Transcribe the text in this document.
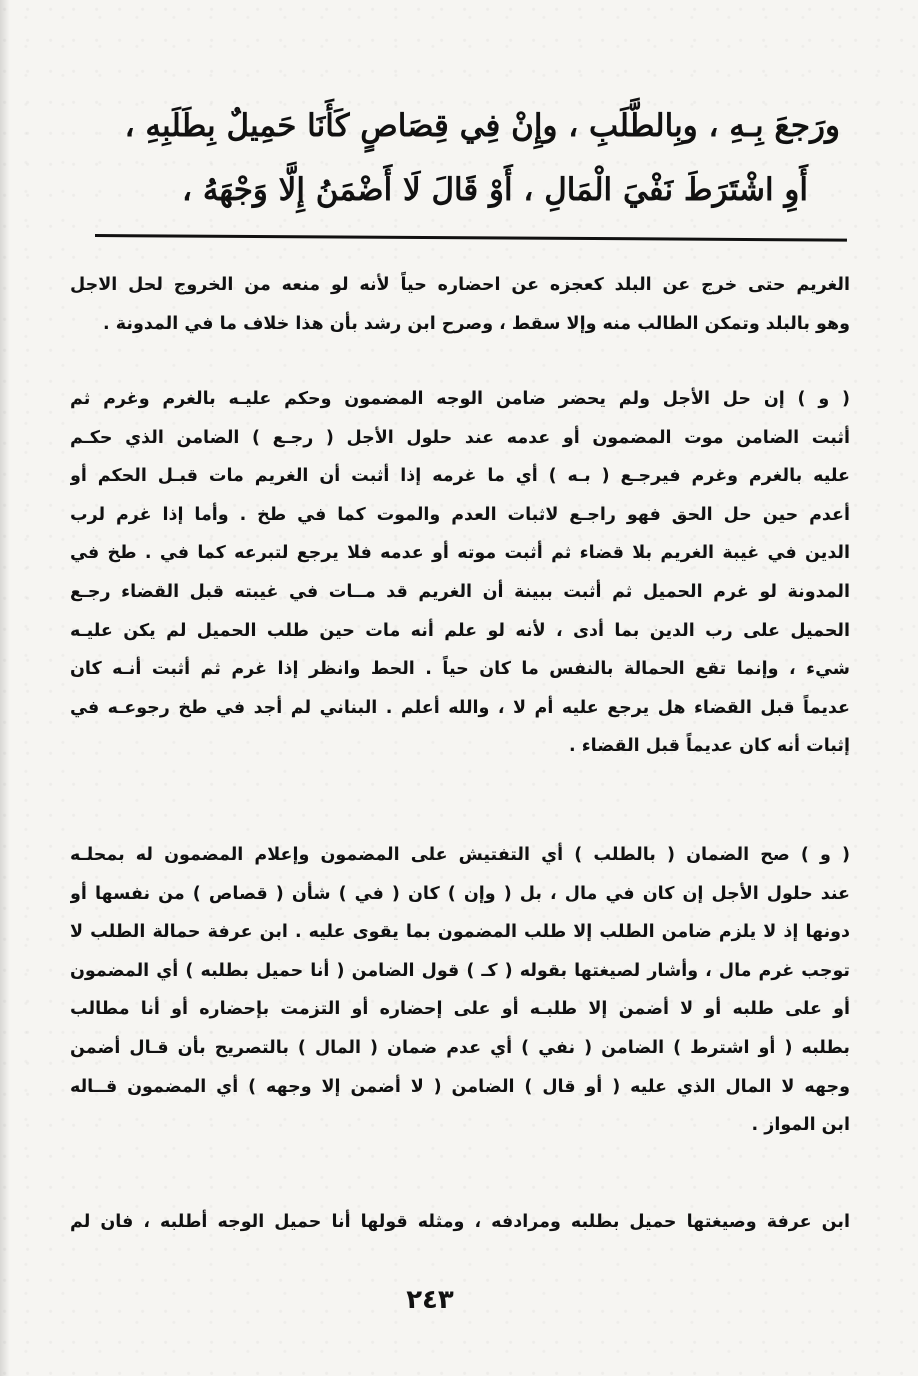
ورَجعَ بِـهِ ، وبِالطَّلَبِ ، وإِنْ فِي قِصَاصٍ كَأَنَا حَمِيلٌ بِطَلَبِهِ ،
أَوِ اشْتَرَطَ نَفْيَ الْمَالِ ، أَوْ قَالَ لَا أَضْمَنُ إِلَّا وَجْهَهُ ،
الغريم حتى خرج عن البلد كعجزه عن احضاره حياً لأنه لو منعه من الخروج لحل الاجل
وهو بالبلد وتمكن الطالب منه وإلا سقط ، وصرح ابن رشد بأن هذا خلاف ما في المدونة .
( و ) إن حل الأجل ولم يحضر ضامن الوجه المضمون وحكم عليـه بالغرم وغرم ثم
أثبت الضامن موت المضمون أو عدمه عند حلول الأجل ( رجـع ) الضامن الذي حكـم
عليه بالغرم وغرم فيرجـع ( بـه ) أي ما غرمه إذا أثبت أن الغريم مات قبـل الحكم أو
أعدم حين حل الحق فهو راجـع لاثبات العدم والموت كما في طخ . وأما إذا غرم لرب
الدين في غيبة الغريم بلا قضاء ثم أثبت موته أو عدمه فلا يرجع لتبرعه كما في . طخ في
المدونة لو غرم الحميل ثم أثبت ببينة أن الغريم قد مــات في غيبته قبل القضاء رجـع
الحميل على رب الدين بما أدى ، لأنه لو علم أنه مات حين طلب الحميل لم يكن عليـه
شيء ، وإنما تقع الحمالة بالنفس ما كان حياً . الحط وانظر إذا غرم ثم أثبت أنـه كان
عديماً قبل القضاء هل يرجع عليه أم لا ، والله أعلم . البناني لم أجد في طخ رجوعـه في
إثبات أنه كان عديماً قبل القضاء .
( و ) صح الضمان ( بالطلب ) أي التفتيش على المضمون وإعلام المضمون له بمحلـه
عند حلول الأجل إن كان في مال ، بل ( وإن ) كان ( في ) شأن ( قصاص ) من نفسها أو
دونها إذ لا يلزم ضامن الطلب إلا طلب المضمون بما يقوى عليه . ابن عرفة حمالة الطلب لا
توجب غرم مال ، وأشار لصيغتها بقوله ( كـ ) قول الضامن ( أنا حميل بطلبه ) أي المضمون
أو على طلبه أو لا أضمن إلا طلبـه أو على إحضاره أو التزمت بإحضاره أو أنا مطالب
بطلبه ( أو اشترط ) الضامن ( نفي ) أي عدم ضمان ( المال ) بالتصريح بأن قـال أضمن
وجهه لا المال الذي عليه ( أو قال ) الضامن ( لا أضمن إلا وجهه ) أي المضمون قــاله
ابن المواز .
ابن عرفة وصيغتها حميل بطلبه ومرادفه ، ومثله قولها أنا حميل الوجه أطلبه ، فان لم
٢٤٣
